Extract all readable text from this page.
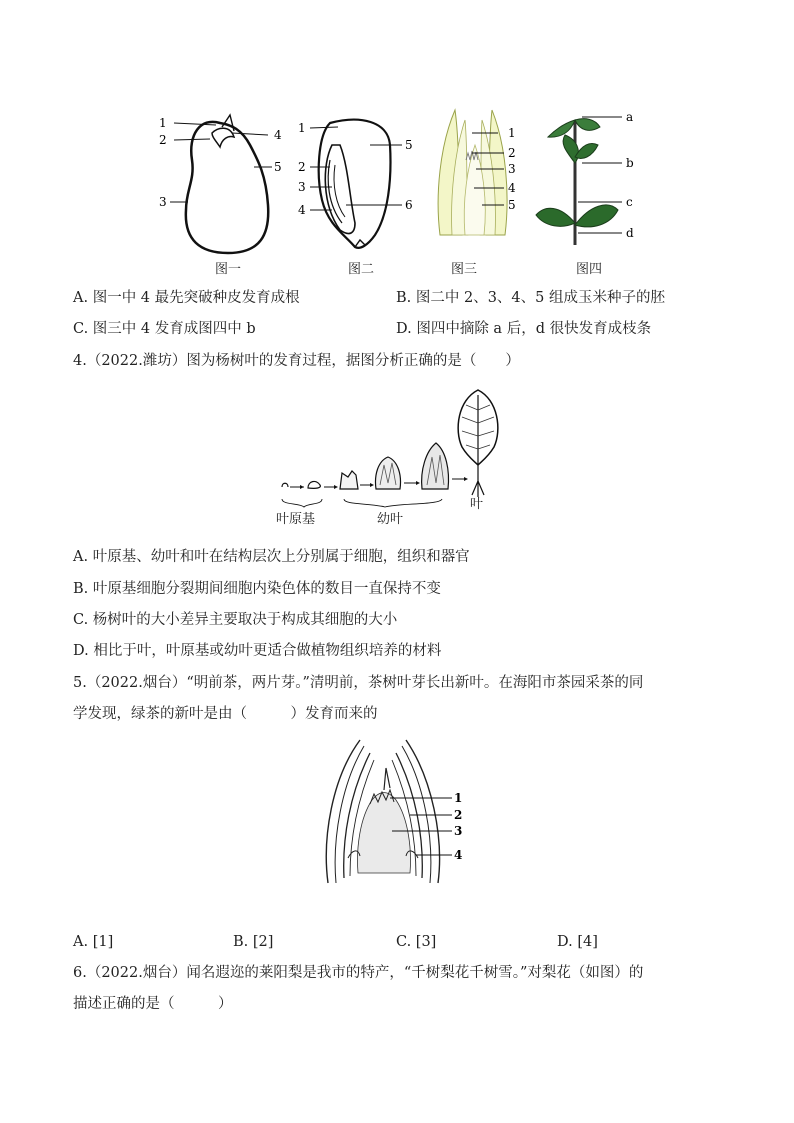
1
2
3
4
5
1
2
3
4
5
6
1
2
3
4
5
a
b
c
d
图一	图二	图三	图四
A. 图一中 4 最先突破种皮发育成根	B. 图二中 2、3、4、5 组成玉米种子的胚
C. 图三中 4 发育成图四中 b	D. 图四中摘除 a 后，d 很快发育成枝条
4.（2022.潍坊）图为杨树叶的发育过程，据图分析正确的是（　　）
叶原基	幼叶
叶
A. 叶原基、幼叶和叶在结构层次上分别属于细胞，组织和器官
B. 叶原基细胞分裂期间细胞内染色体的数目一直保持不变
C. 杨树叶的大小差异主要取决于构成其细胞的大小
D. 相比于叶，叶原基或幼叶更适合做植物组织培养的材料
5.（2022.烟台）“明前茶，两片芽。”清明前，茶树叶芽长出新叶。在海阳市茶园采茶的同
学发现，绿茶的新叶是由（　　　）发育而来的
1
2
3
4
A. [1]	B. [2]	C. [3]	D. [4]
6.（2022.烟台）闻名遐迩的莱阳梨是我市的特产，“千树梨花千树雪。”对梨花（如图）的
描述正确的是（　　　）
